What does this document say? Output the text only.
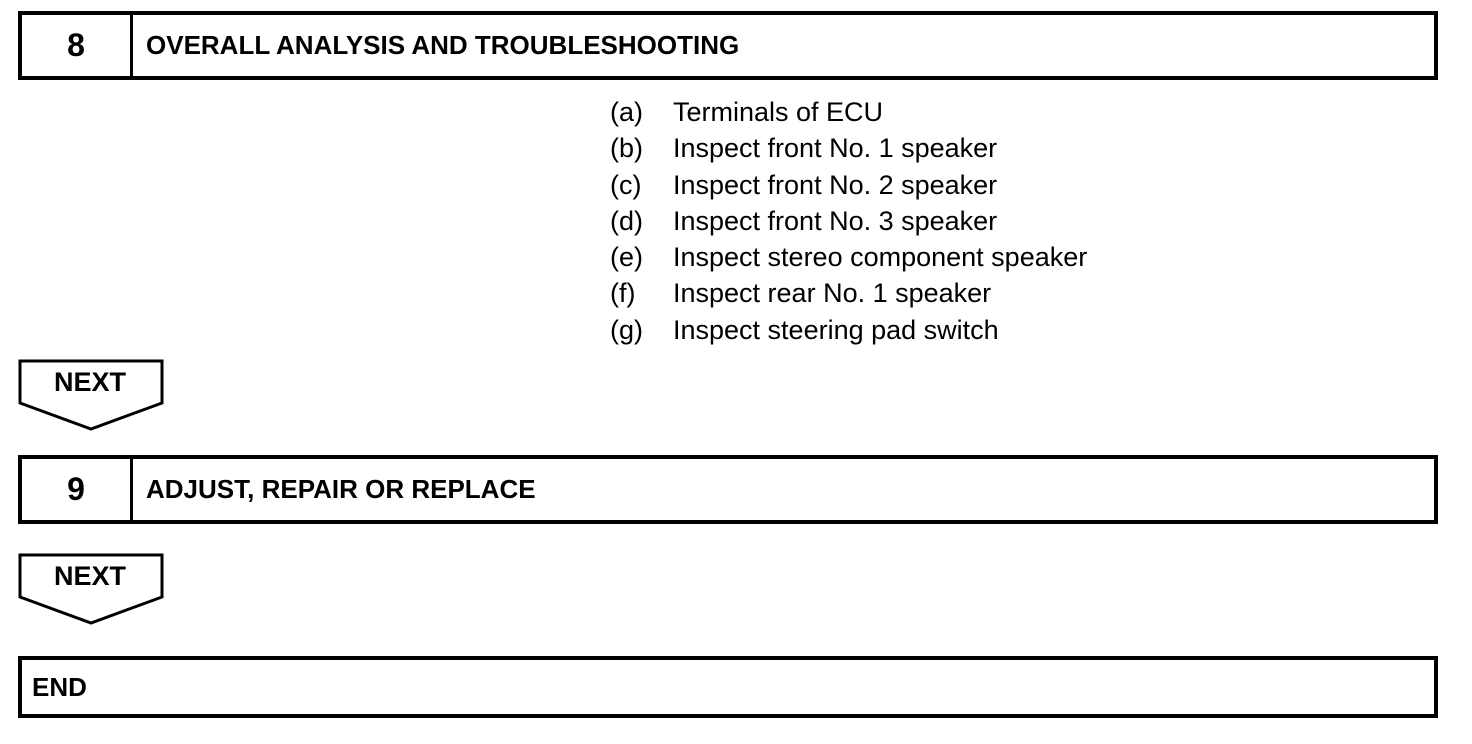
8	OVERALL ANALYSIS AND TROUBLESHOOTING
(a)	Terminals of ECU
(b)	Inspect front No. 1 speaker
(c)	Inspect front No. 2 speaker
(d)	Inspect front No. 3 speaker
(e)	Inspect stereo component speaker
(f)	Inspect rear No. 1 speaker
(g)	Inspect steering pad switch
NEXT
9	ADJUST, REPAIR OR REPLACE
NEXT
END
